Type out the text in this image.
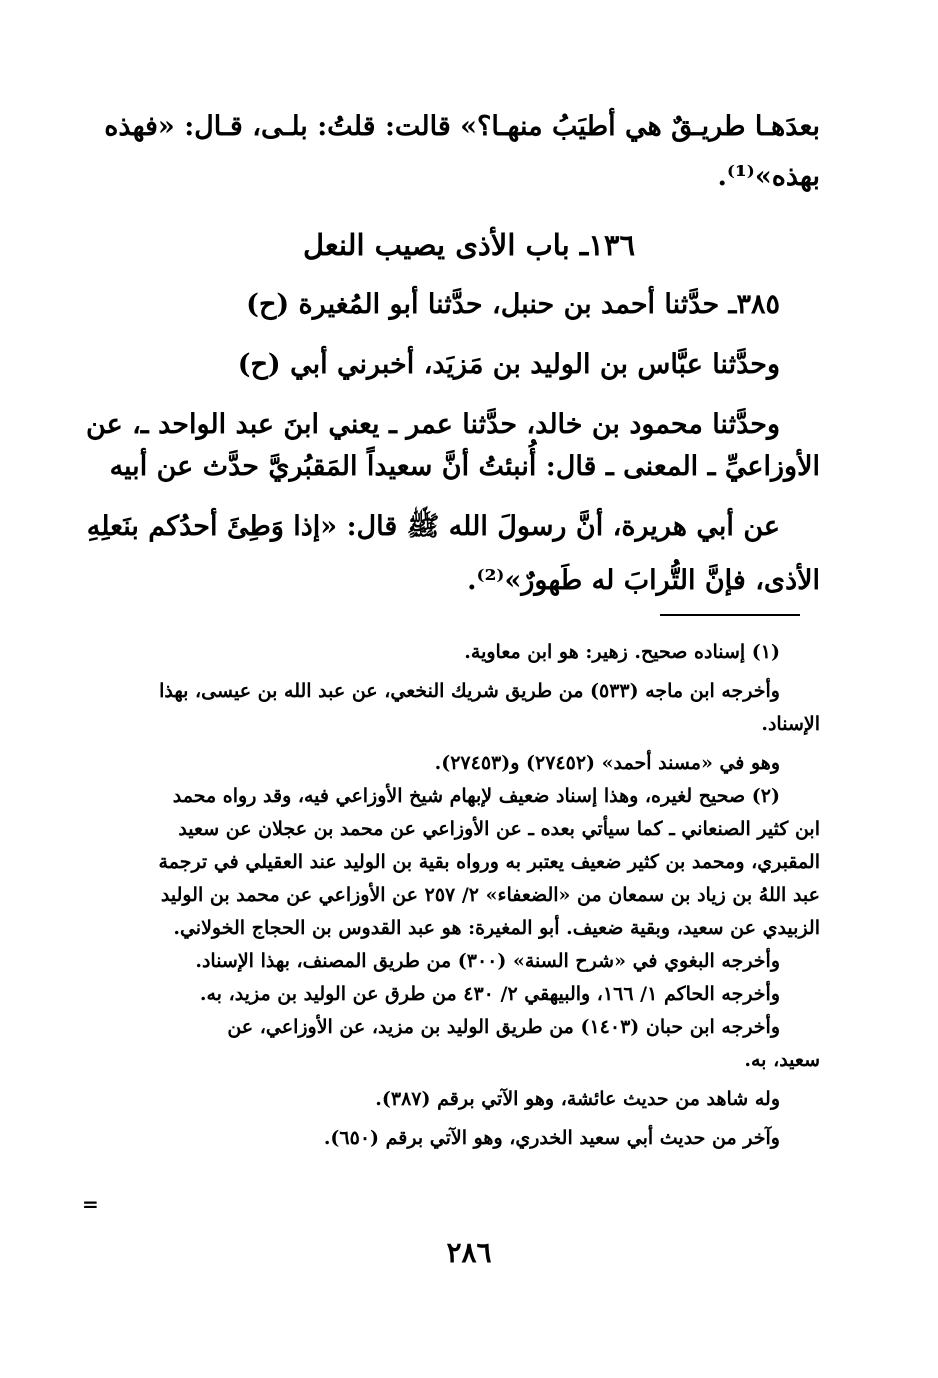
بعدَهـا طريـقٌ هي أطيَبُ منهـا؟» قالت: قلتُ: بلـى، قـال: «فهذه

بهذه»⁽¹⁾.

١٣٦ـ باب الأذى يصيب النعل

٣٨٥ـ حدَّثنا أحمد بن حنبل، حدَّثنا أبو المُغيرة (ح)

وحدَّثنا عبَّاس بن الوليد بن مَزيَد، أخبرني أبي (ح)

وحدَّثنا محمود بن خالد، حدَّثنا عمر ـ يعني ابنَ عبد الواحد ـ، عن

الأوزاعيِّ ـ المعنى ـ قال: أُنبئتُ أنَّ سعيداً المَقبُريَّ حدَّث عن أبيه

عن أبي هريرة، أنَّ رسولَ الله ﷺ قال: «إذا وَطِئَ أحدُكم بنَعلِهِ

الأذى، فإنَّ التُّرابَ له طَهورٌ»⁽²⁾.

(١) إسناده صحيح. زهير: هو ابن معاوية.

وأخرجه ابن ماجه (٥٣٣) من طريق شريك النخعي، عن عبد الله بن عيسى، بهذا

الإسناد.

وهو في «مسند أحمد» (٢٧٤٥٢) و(٢٧٤٥٣).

(٢) صحيح لغيره، وهذا إسناد ضعيف لإبهام شيخ الأوزاعي فيه، وقد رواه محمد

ابن كثير الصنعاني ـ كما سيأتي بعده ـ عن الأوزاعي عن محمد بن عجلان عن سعيد

المقبري، ومحمد بن كثير ضعيف يعتبر به ورواه بقية بن الوليد عند العقيلي في ترجمة

عبد اللهُ بن زياد بن سمعان من «الضعفاء» ٢/ ٢٥٧ عن الأوزاعي عن محمد بن الوليد

الزبيدي عن سعيد، وبقية ضعيف. أبو المغيرة: هو عبد القدوس بن الحجاج الخولاني.

وأخرجه البغوي في «شرح السنة» (٣٠٠) من طريق المصنف، بهذا الإسناد.

وأخرجه الحاكم ١/ ١٦٦، والبيهقي ٢/ ٤٣٠ من طرق عن الوليد بن مزيد، به.

وأخرجه ابن حبان (١٤٠٣) من طريق الوليد بن مزيد، عن الأوزاعي، عن

سعيد، به.

وله شاهد من حديث عائشة، وهو الآتي برقم (٣٨٧).

وآخر من حديث أبي سعيد الخدري، وهو الآتي برقم (٦٥٠).

=
٢٨٦
